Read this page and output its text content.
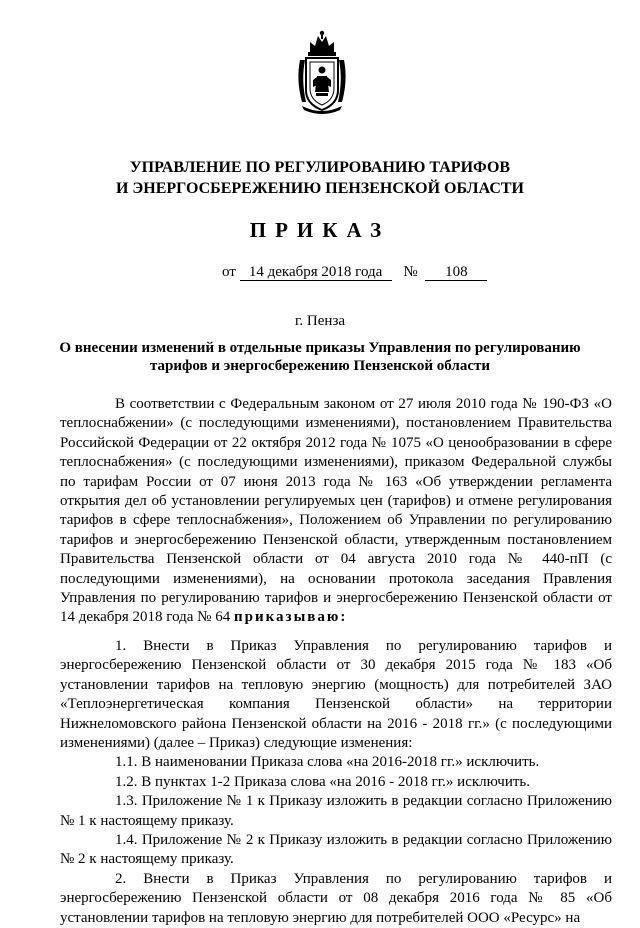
УПРАВЛЕНИЕ ПО РЕГУЛИРОВАНИЮ ТАРИФОВ
И ЭНЕРГОСБЕРЕЖЕНИЮ ПЕНЗЕНСКОЙ ОБЛАСТИ
ПРИКАЗ
от 14 декабря 2018 года № 108
г. Пенза
О внесении изменений в отдельные приказы Управления по регулированию тарифов и энергосбережению Пензенской области

В соответствии с Федеральным законом от 27 июля 2010 года № 190-ФЗ «О теплоснабжении» (с последующими изменениями), постановлением Правительства Российской Федерации от 22 октября 2012 года № 1075 «О ценообразовании в сфере теплоснабжения» (с последующими изменениями), приказом Федеральной службы по тарифам России от 07 июня 2013 года № 163 «Об утверждении регламента открытия дел об установлении регулируемых цен (тарифов) и отмене регулирования тарифов в сфере теплоснабжения», Положением об Управлении по регулированию тарифов и энергосбережению Пензенской области, утвержденным постановлением Правительства Пензенской области от 04 августа 2010 года № 440-пП (с последующими изменениями), на основании протокола заседания Правления Управления по регулированию тарифов и энергосбережению Пензенской области от 14 декабря 2018 года № 64 приказываю:

1. Внести в Приказ Управления по регулированию тарифов и энергосбережению Пензенской области от 30 декабря 2015 года № 183 «Об установлении тарифов на тепловую энергию (мощность) для потребителей ЗАО «Теплоэнергетическая компания Пензенской области» на территории Нижнеломовского района Пензенской области на 2016 - 2018 гг.» (с последующими изменениями) (далее – Приказ) следующие изменения:

1.1. В наименовании Приказа слова «на 2016-2018 гг.» исключить.

1.2. В пунктах 1-2 Приказа слова «на 2016 - 2018 гг.» исключить.

1.3. Приложение № 1 к Приказу изложить в редакции согласно Приложению № 1 к настоящему приказу.

1.4. Приложение № 2 к Приказу изложить в редакции согласно Приложению № 2 к настоящему приказу.

2. Внести в Приказ Управления по регулированию тарифов и энергосбережению Пензенской области от 08 декабря 2016 года № 85 «Об установлении тарифов на тепловую энергию для потребителей ООО «Ресурс» на
